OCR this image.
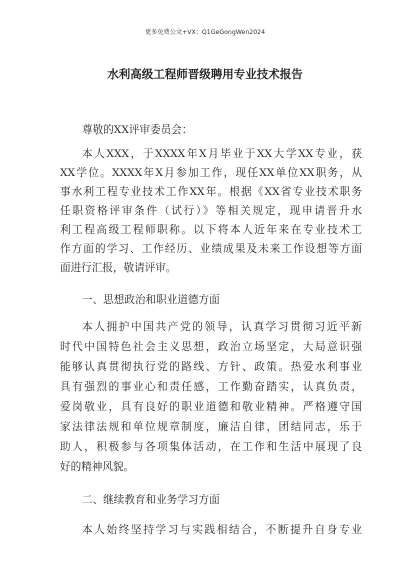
更多免费公文+VX：Q1GeGongWen2024
水利高级工程师晋级聘用专业技术报告
尊敬的XX评审委员会：
本人XXX，于XXXX年X月毕业于XX大学XX专业，获
XX学位。XXXX年X月参加工作，现任XX单位XX职务，从
事水利工程专业技术工作XX年。根据《XX省专业技术职务
任职资格评审条件（试行）》等相关规定，现申请晋升水
利工程高级工程师职称。以下将本人近年来在专业技术工
作方面的学习、工作经历、业绩成果及未来工作设想等方面
面进行汇报，敬请评审。
一、思想政治和职业道德方面
本人拥护中国共产党的领导，认真学习贯彻习近平新
时代中国特色社会主义思想，政治立场坚定，大局意识强
能够认真贯彻执行党的路线、方针、政策。热爱水利事业
具有强烈的事业心和责任感，工作勤奋踏实，认真负责，
爱岗敬业，具有良好的职业道德和敬业精神。严格遵守国
家法律法规和单位规章制度，廉洁自律，团结同志，乐于
助人，积极参与各项集体活动，在工作和生活中展现了良
好的精神风貌。
二、继续教育和业务学习方面
本人始终坚持学习与实践相结合，不断提升自身专业
